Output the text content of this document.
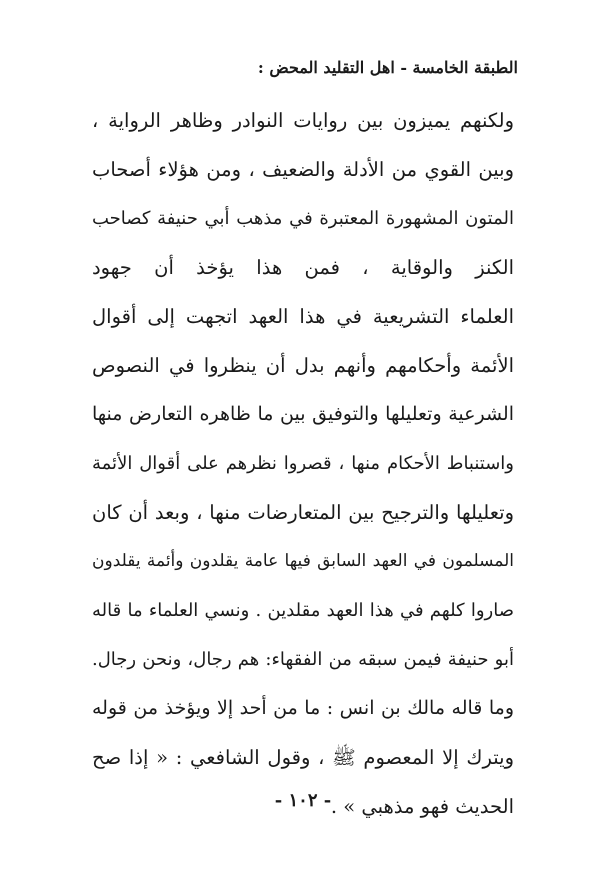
الطبقة الخامسة - اهل التقليد المحض :
ولكنهم يميزون بين روايات النوادر وظاهر الرواية ،
وبين القوي من الأدلة والضعيف ، ومن هؤلاء أصحاب
المتون المشهورة المعتبرة في مذهب أبي حنيفة كصاحب
الكنز والوقاية ، فمن هذا يؤخذ أن جهود
العلماء التشريعية في هذا العهد اتجهت إلى أقوال
الأئمة وأحكامهم وأنهم بدل أن ينظروا في النصوص
الشرعية وتعليلها والتوفيق بين ما ظاهره التعارض منها
واستنباط الأحكام منها ، قصروا نظرهم على أقوال الأئمة
وتعليلها والترجيح بين المتعارضات منها ، وبعد أن كان
المسلمون في العهد السابق فيها عامة يقلدون وأئمة يقلدون
صاروا كلهم في هذا العهد مقلدين . ونسي العلماء ما قاله
أبو حنيفة فيمن سبقه من الفقهاء: هم رجال، ونحن رجال.
وما قاله مالك بن انس : ما من أحد إلا ويؤخذ من قوله
ويترك إلا المعصوم ﷺ ، وقول الشافعي : « إذا صح
الحديث فهو مذهبي » .
- ١٠٢ -
